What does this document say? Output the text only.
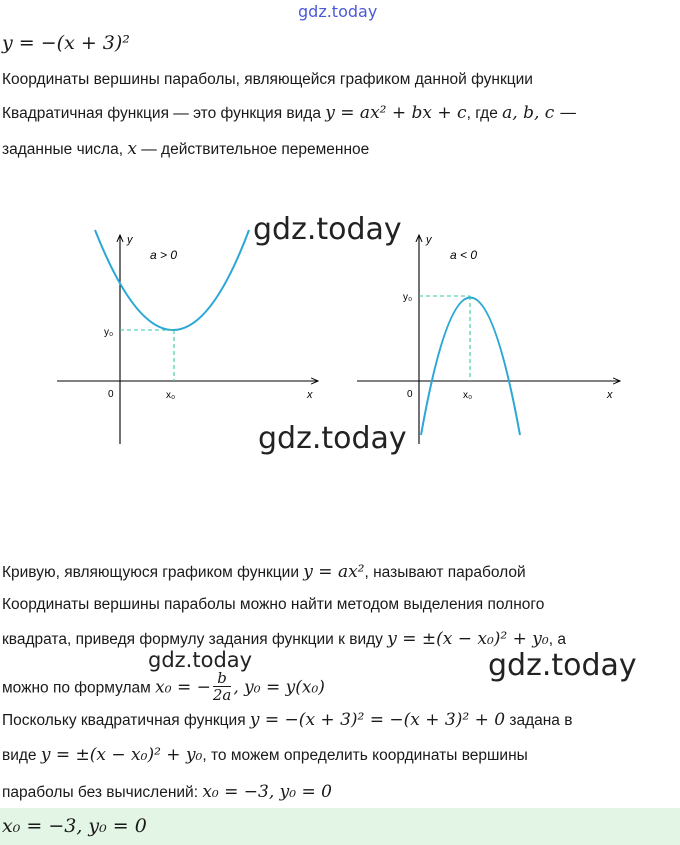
gdz.today
gdz.today
gdz.today
gdz.today	gdz.today
y = −(x + 3)²
Координаты вершины параболы, являющейся графиком данной функции
Квадратичная функция — это функция вида y = ax² + bx + c, где a, b, c —
заданные числа, x — действительное переменное
y
x
0
a > 0
y₀
x₀
y
x
0
a < 0
y₀
x₀
Кривую, являющуюся графиком функции y = ax², называют параболой
Координаты вершины параболы можно найти методом выделения полного
квадрата, приведя формулу задания функции к виду y = ±(x − x₀)² + y₀, а
можно по формулам x₀ = − $\frac{b}{2a}$ , y₀ = y(x₀)
Поскольку квадратичная функция y = −(x + 3)² = −(x + 3)² + 0 задана в
виде y = ±(x − x₀)² + y₀, то можем определить координаты вершины
параболы без вычислений: x₀ = −3, y₀ = 0
x₀ = −3, y₀ = 0
